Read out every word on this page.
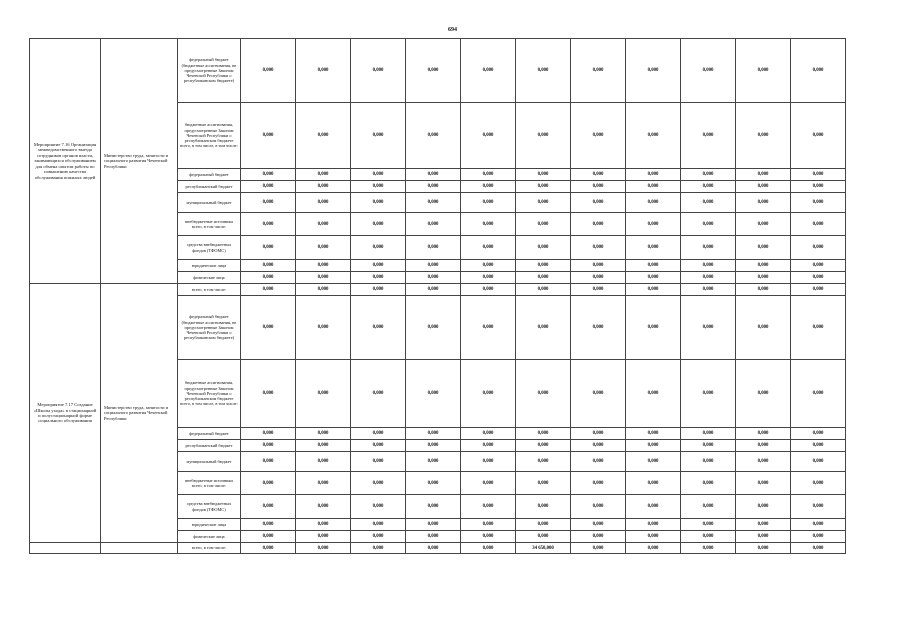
694
Мероприятие 7.16 Организация межведомственного выезда сотрудников органов власти, занимающихся обслуживанием для обмена опытом работы по повышению качества обслуживания пожилых людей	Министерство труда, занятости и социального развития Чеченской Республики	федеральный бюджет (бюджетные ассигнования, не предусмотренные Законом Чеченской Республики о республиканском бюджете)	0,000	0,000	0,000	0,000	0,000	0,000	0,000	0,000	0,000	0,000	0,000
		бюджетные ассигнования, предусмотренные Законом Чеченской Республики о республиканском бюджете всего, в том числе, в том числе:	0,000	0,000	0,000	0,000	0,000	0,000	0,000	0,000	0,000	0,000	0,000
		федеральный бюджет	0,000	0,000	0,000	0,000	0,000	0,000	0,000	0,000	0,000	0,000	0,000
		республиканский бюджет	0,000	0,000	0,000	0,000	0,000	0,000	0,000	0,000	0,000	0,000	0,000
		муниципальный бюджет	0,000	0,000	0,000	0,000	0,000	0,000	0,000	0,000	0,000	0,000	0,000
		внебюджетные источники всего, в том числе:	0,000	0,000	0,000	0,000	0,000	0,000	0,000	0,000	0,000	0,000	0,000
		средства внебюджетных фондов (ТФОМС)	0,000	0,000	0,000	0,000	0,000	0,000	0,000	0,000	0,000	0,000	0,000
		юридические лица	0,000	0,000	0,000	0,000	0,000	0,000	0,000	0,000	0,000	0,000	0,000
		физические лица	0,000	0,000	0,000	0,000	0,000	0,000	0,000	0,000	0,000	0,000	0,000
Мероприятие 7.17 Создание «Школы ухода» в стационарной и полустационарной форме социального обслуживания	Министерство труда, занятости и социального развития Чеченской Республики	всего, в том числе:	0,000	0,000	0,000	0,000	0,000	0,000	0,000	0,000	0,000	0,000	0,000
		федеральный бюджет (бюджетные ассигнования, не предусмотренные Законом Чеченской Республики о республиканском бюджете)	0,000	0,000	0,000	0,000	0,000	0,000	0,000	0,000	0,000	0,000	0,000
		бюджетные ассигнования, предусмотренные Законом Чеченской Республики о республиканском бюджете всего, в том числе, в том числе:	0,000	0,000	0,000	0,000	0,000	0,000	0,000	0,000	0,000	0,000	0,000
		федеральный бюджет	0,000	0,000	0,000	0,000	0,000	0,000	0,000	0,000	0,000	0,000	0,000
		республиканский бюджет	0,000	0,000	0,000	0,000	0,000	0,000	0,000	0,000	0,000	0,000	0,000
		муниципальный бюджет	0,000	0,000	0,000	0,000	0,000	0,000	0,000	0,000	0,000	0,000	0,000
		внебюджетные источники всего, в том числе:	0,000	0,000	0,000	0,000	0,000	0,000	0,000	0,000	0,000	0,000	0,000
		средства внебюджетных фондов (ТФОМС)	0,000	0,000	0,000	0,000	0,000	0,000	0,000	0,000	0,000	0,000	0,000
		юридические лица	0,000	0,000	0,000	0,000	0,000	0,000	0,000	0,000	0,000	0,000	0,000
		физические лица	0,000	0,000	0,000	0,000	0,000	0,000	0,000	0,000	0,000	0,000	0,000
		всего, в том числе:	0,000	0,000	0,000	0,000	0,000	34 650,000	0,000	0,000	0,000	0,000	0,000
